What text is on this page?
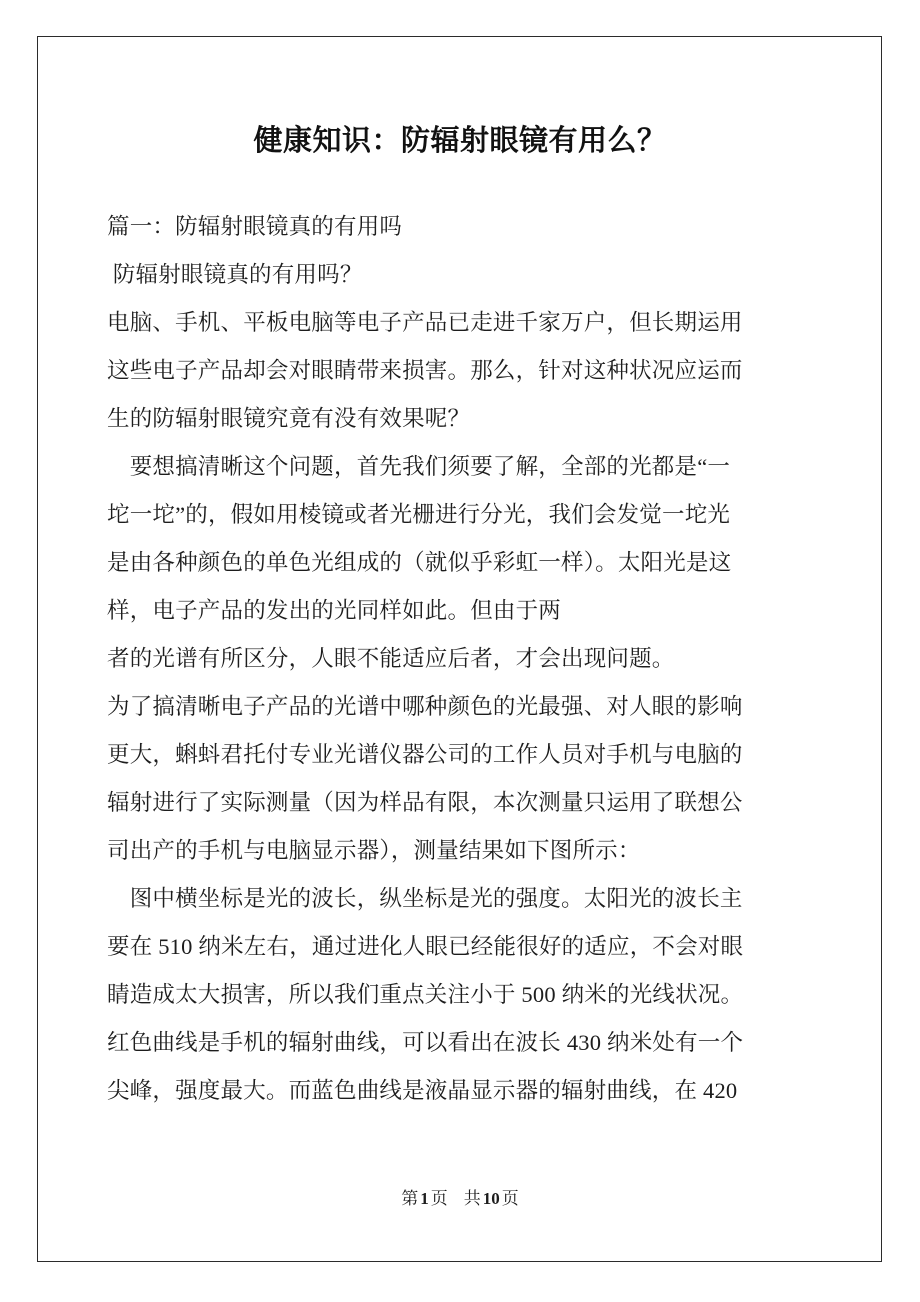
健康知识：防辐射眼镜有用么？

篇一：防辐射眼镜真的有用吗

防辐射眼镜真的有用吗？

电脑、手机、平板电脑等电子产品已走进千家万户，但长期运用

这些电子产品却会对眼睛带来损害。那么，针对这种状况应运而

生的防辐射眼镜究竟有没有效果呢？

　要想搞清晰这个问题，首先我们须要了解，全部的光都是“一

坨一坨”的，假如用棱镜或者光栅进行分光，我们会发觉一坨光

是由各种颜色的单色光组成的（就似乎彩虹一样）。太阳光是这

样，电子产品的发出的光同样如此。但由于两

者的光谱有所区分，人眼不能适应后者，才会出现问题。

为了搞清晰电子产品的光谱中哪种颜色的光最强、对人眼的影响

更大，蝌蚪君托付专业光谱仪器公司的工作人员对手机与电脑的

辐射进行了实际测量（因为样品有限，本次测量只运用了联想公

司出产的手机与电脑显示器），测量结果如下图所示：

　图中横坐标是光的波长，纵坐标是光的强度。太阳光的波长主

要在 510 纳米左右，通过进化人眼已经能很好的适应，不会对眼

睛造成太大损害，所以我们重点关注小于 500 纳米的光线状况。

红色曲线是手机的辐射曲线，可以看出在波长 430 纳米处有一个

尖峰，强度最大。而蓝色曲线是液晶显示器的辐射曲线，在 420

第 1 页 共 10 页
